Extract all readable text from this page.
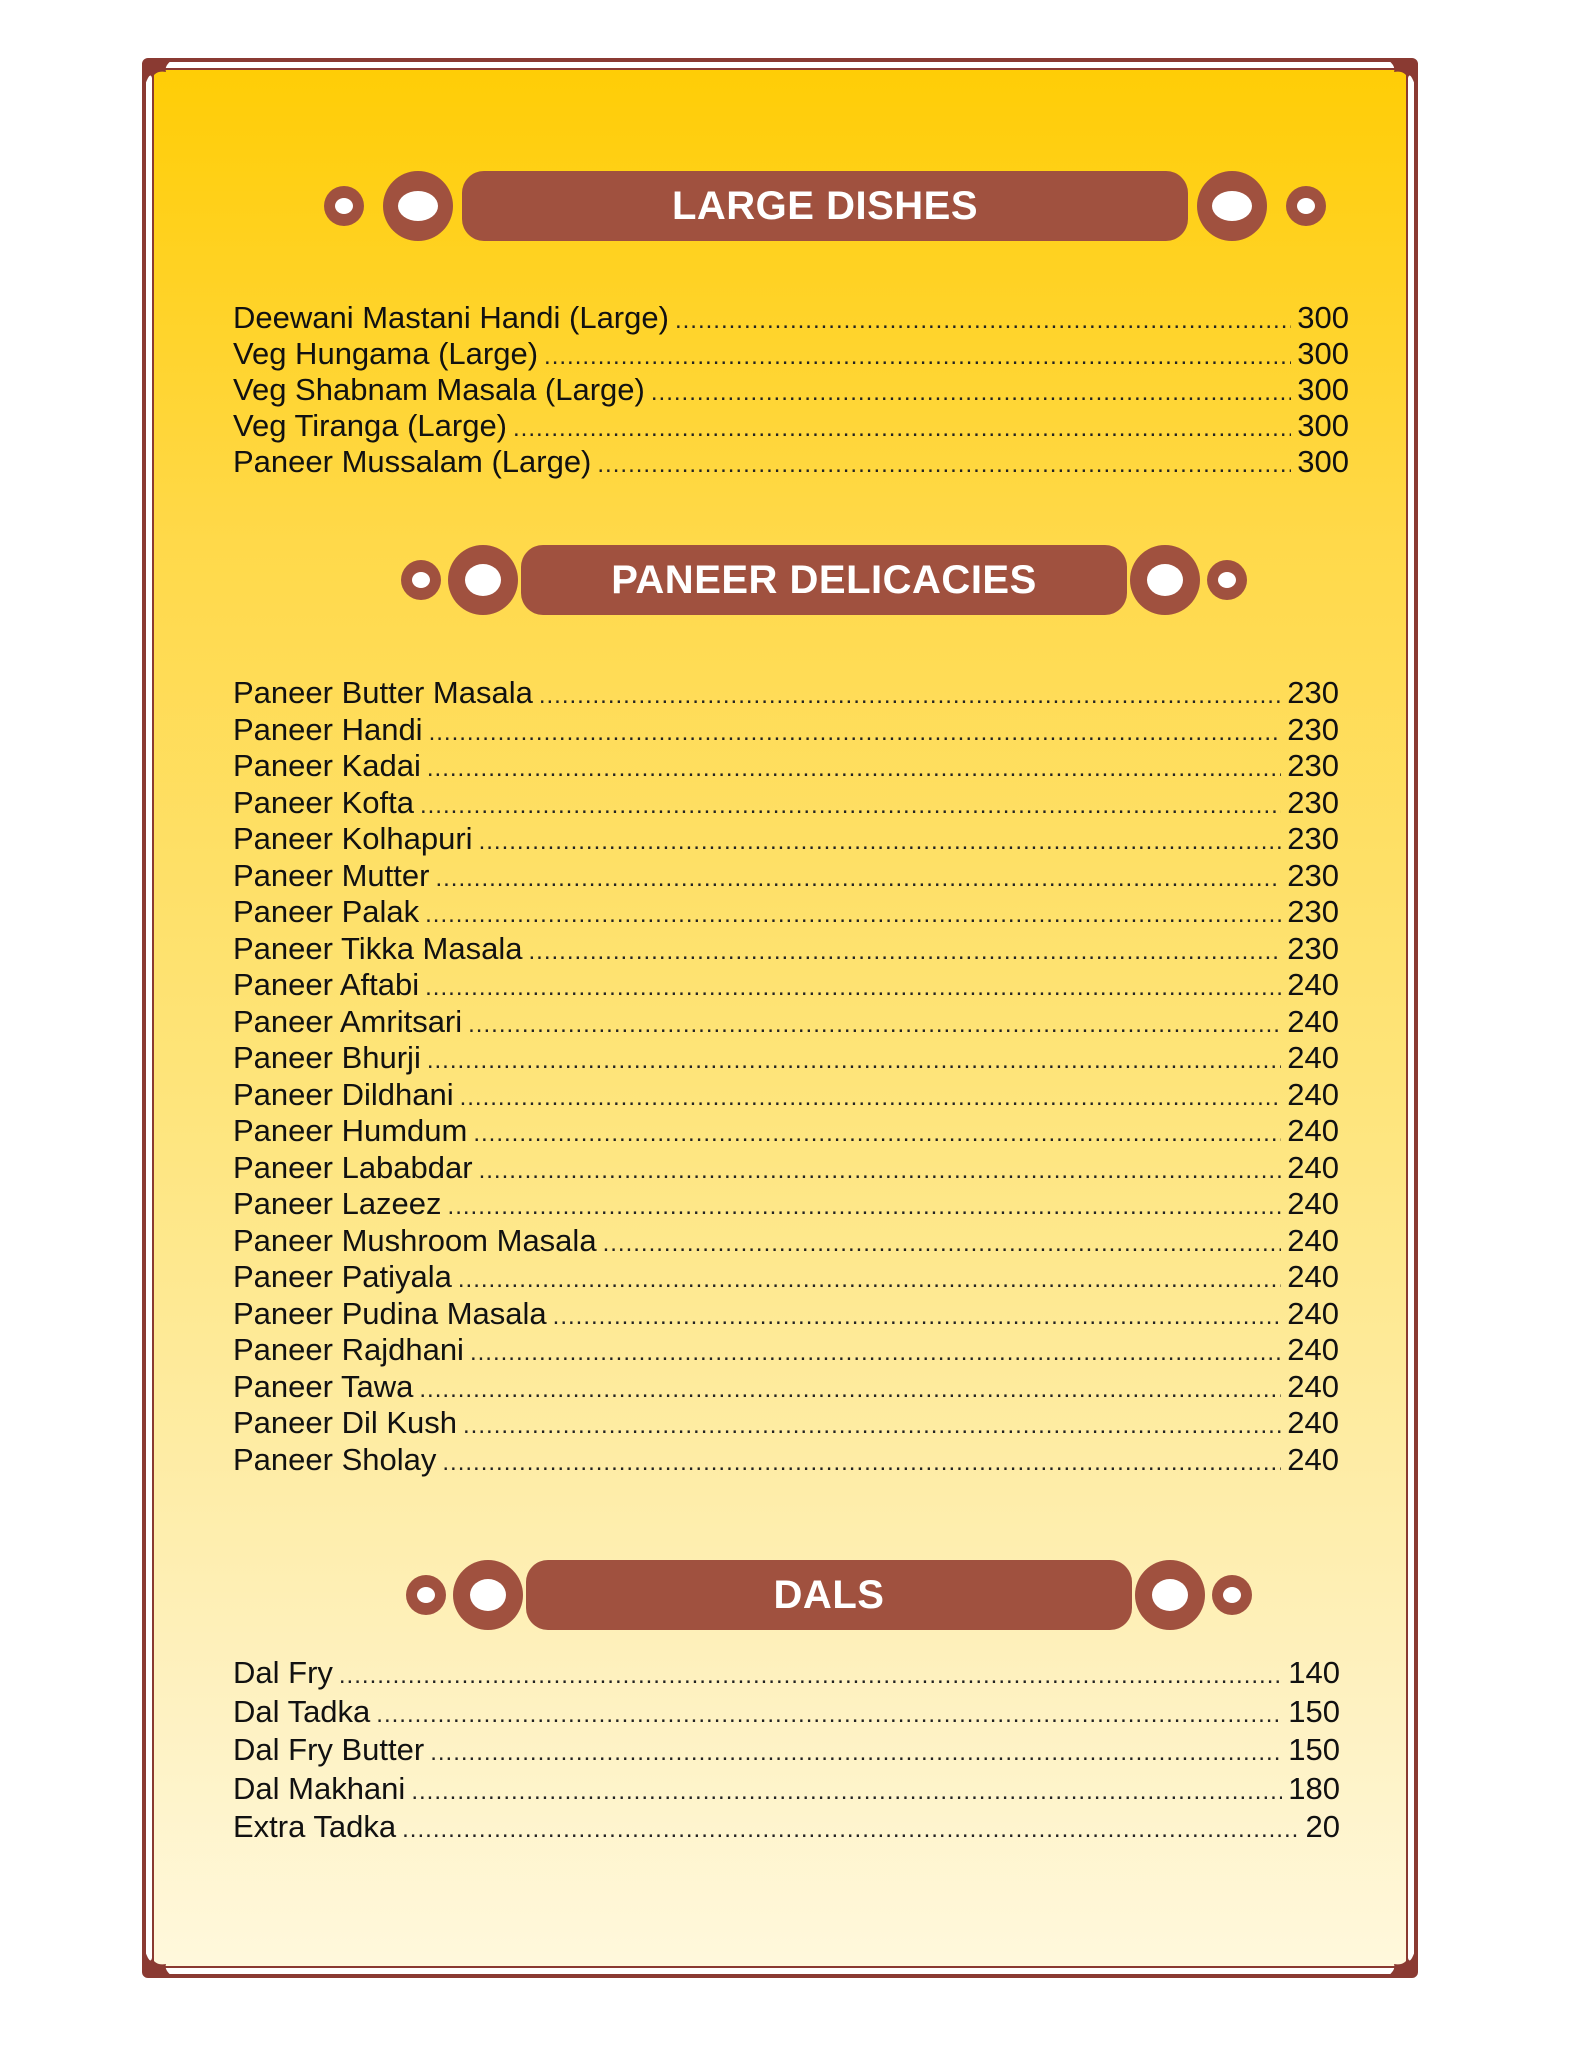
LARGE DISHES
Deewani Mastani Handi (Large) .....	300
Veg Hungama (Large) .....	300
Veg Shabnam Masala (Large) .....	300
Veg Tiranga (Large) .....	300
Paneer Mussalam (Large) .....	300
PANEER DELICACIES
Paneer Butter Masala .....	230
Paneer Handi .....	230
Paneer Kadai .....	230
Paneer Kofta .....	230
Paneer Kolhapuri .....	230
Paneer Mutter .....	230
Paneer Palak .....	230
Paneer Tikka Masala .....	230
Paneer Aftabi .....	240
Paneer Amritsari .....	240
Paneer Bhurji .....	240
Paneer Dildhani .....	240
Paneer Humdum .....	240
Paneer Lababdar .....	240
Paneer Lazeez .....	240
Paneer Mushroom Masala .....	240
Paneer Patiyala .....	240
Paneer Pudina Masala .....	240
Paneer Rajdhani .....	240
Paneer Tawa .....	240
Paneer Dil Kush .....	240
Paneer Sholay .....	240
DALS
Dal Fry .....	140
Dal Tadka .....	150
Dal Fry Butter .....	150
Dal Makhani .....	180
Extra Tadka .....	20
